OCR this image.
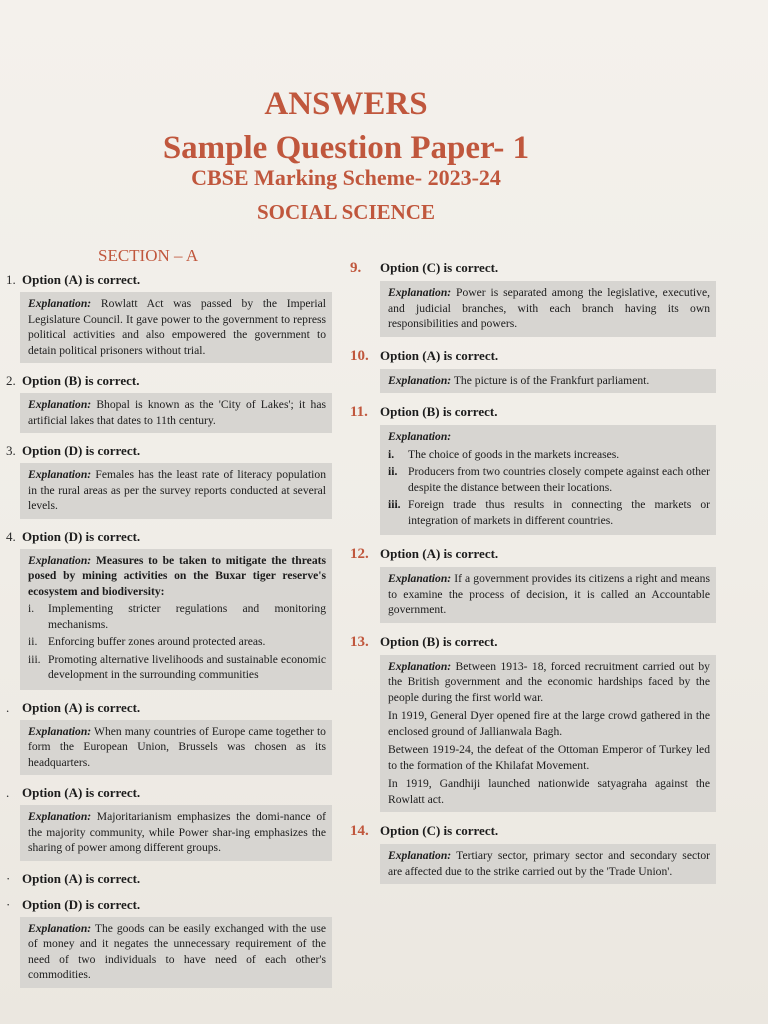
ANSWERS
Sample Question Paper- 1
CBSE Marking Scheme- 2023-24
SOCIAL SCIENCE
SECTION – A
1. Option (A) is correct.
Explanation: Rowlatt Act was passed by the Imperial Legislature Council. It gave power to the government to repress political activities and also empowered the government to detain political prisoners without trial.
2. Option (B) is correct.
Explanation: Bhopal is known as the 'City of Lakes'; it has artificial lakes that dates to 11th century.
3. Option (D) is correct.
Explanation: Females has the least rate of literacy population in the rural areas as per the survey reports conducted at several levels.
4. Option (D) is correct.
Explanation: Measures to be taken to mitigate the threats posed by mining activities on the Buxar tiger reserve's ecosystem and biodiversity:
i.	Implementing stricter regulations and monitoring mechanisms.
ii. Enforcing buffer zones around protected areas.
iii. Promoting alternative livelihoods and sustainable economic development in the surrounding communities
. Option (A) is correct.
Explanation: When many countries of Europe came together to form the European Union, Brussels was chosen as its headquarters.
. Option (A) is correct.
Explanation: Majoritarianism emphasizes the domi-nance of the majority community, while Power shar-ing emphasizes the sharing of power among different groups.
· Option (A) is correct.
· Option (D) is correct.
Explanation: The goods can be easily exchanged with the use of money and it negates the unnecessary requirement of the need of two individuals to have need of each other's commodities.
9.	Option (C) is correct.
Explanation: Power is separated among the legislative, executive, and judicial branches, with each branch having its own responsibilities and powers.
10. Option (A) is correct.
Explanation: The picture is of the Frankfurt parliament.
11. Option (B) is correct.
Explanation:
i.	The choice of goods in the markets increases.
ii. Producers from two countries closely compete against each other despite the distance between their locations.
iii. Foreign trade thus results in connecting the markets or integration of markets in different countries.
12. Option (A) is correct.
Explanation: If a government provides its citizens a right and means to examine the process of decision, it is called an Accountable government.
13. Option (B) is correct.

Explanation: Between 1913- 18, forced recruitment carried out by the British government and the economic hardships faced by the people during the first world war.

In 1919, General Dyer opened fire at the large crowd gathered in the enclosed ground of Jallianwala Bagh.

Between 1919-24, the defeat of the Ottoman Emperor of Turkey led to the formation of the Khilafat Movement.

In 1919, Gandhiji launched nationwide satyagraha against the Rowlatt act.

14. Option (C) is correct.
Explanation: Tertiary sector, primary sector and secondary sector are affected due to the strike carried out by the 'Trade Union'.
